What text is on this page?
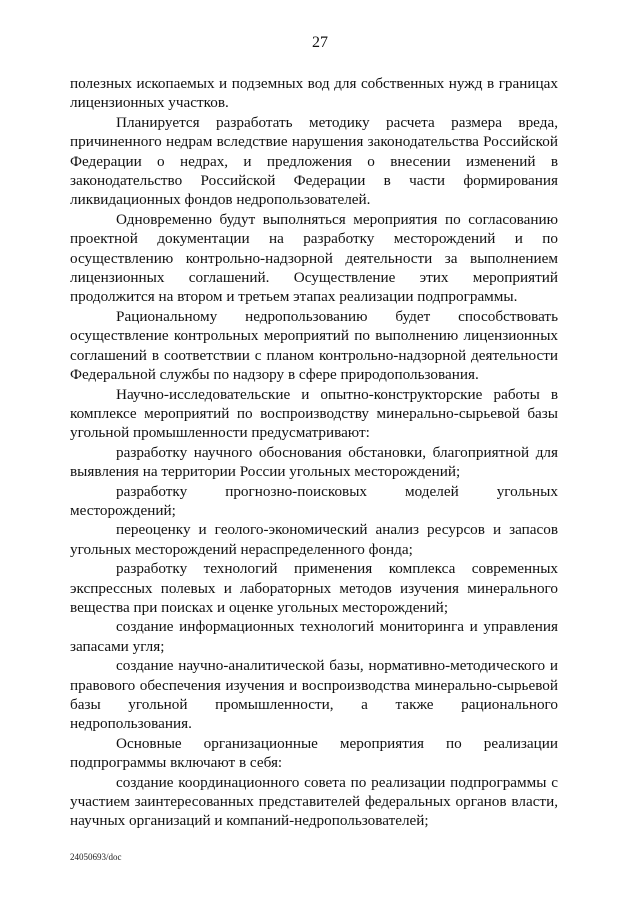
27

полезных ископаемых и подземных вод для собственных нужд в границах лицензионных участков.

Планируется разработать методику расчета размера вреда, причиненного недрам вследствие нарушения законодательства Российской Федерации о недрах, и предложения о внесении изменений в законодательство Российской Федерации в части формирования ликвидационных фондов недропользователей.

Одновременно будут выполняться мероприятия по согласованию проектной документации на разработку месторождений и по осуществлению контрольно-надзорной деятельности за выполнением лицензионных соглашений. Осуществление этих мероприятий продолжится на втором и третьем этапах реализации подпрограммы.

Рациональному недропользованию будет способствовать осуществление контрольных мероприятий по выполнению лицензионных соглашений в соответствии с планом контрольно-надзорной деятельности Федеральной службы по надзору в сфере природопользования.

Научно-исследовательские и опытно-конструкторские работы в комплексе мероприятий по воспроизводству минерально-сырьевой базы угольной промышленности предусматривают:

разработку научного обоснования обстановки, благоприятной для выявления на территории России угольных месторождений;

разработку прогнозно-поисковых моделей угольных месторождений;

переоценку и геолого-экономический анализ ресурсов и запасов угольных месторождений нераспределенного фонда;

разработку технологий применения комплекса современных экспрессных полевых и лабораторных методов изучения минерального вещества при поисках и оценке угольных месторождений;

создание информационных технологий мониторинга и управления запасами угля;

создание научно-аналитической базы, нормативно-методического и правового обеспечения изучения и воспроизводства минерально-сырьевой базы угольной промышленности, а также рационального недропользования.

Основные организационные мероприятия по реализации подпрограммы включают в себя:

создание координационного совета по реализации подпрограммы с участием заинтересованных представителей федеральных органов власти, научных организаций и компаний-недропользователей;

24050693/doc
